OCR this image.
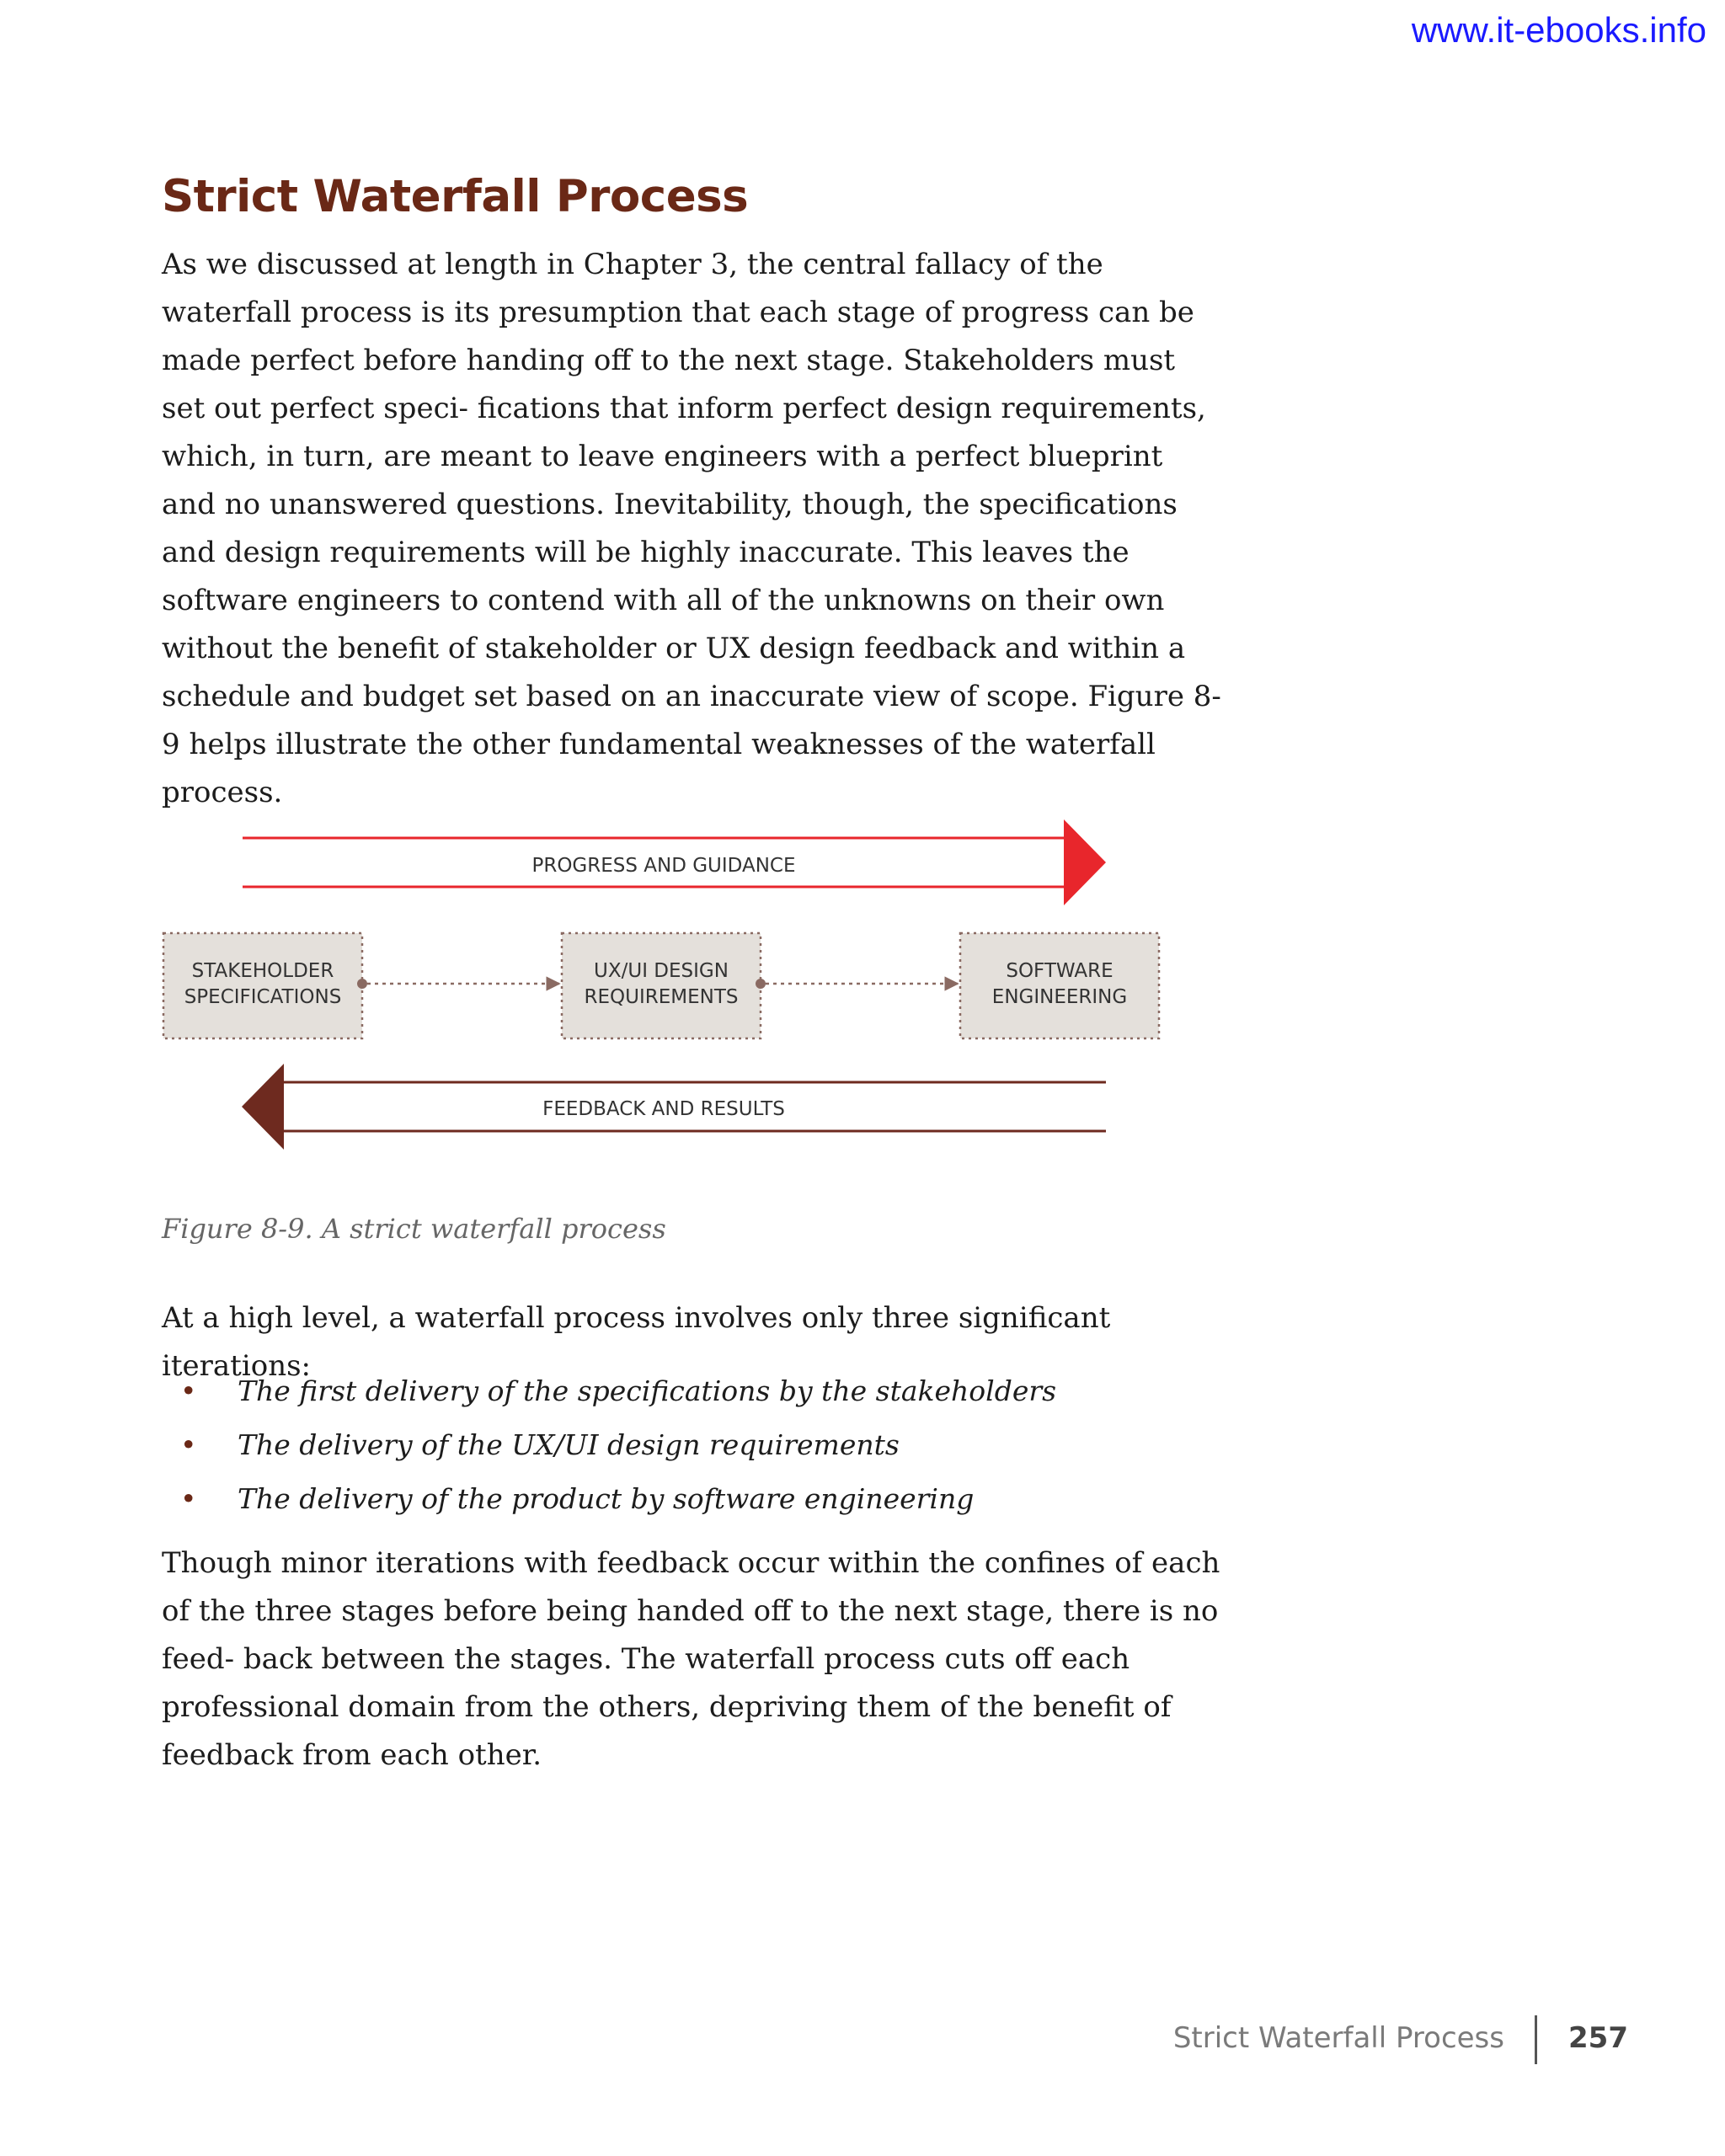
www.it-ebooks.info
Strict Waterfall Process

As we discussed at length in Chapter 3, the central fallacy of the waterfall process is its presumption that each stage of progress can be made perfect before handing off to the next stage. Stakeholders must set out perfect speci- fications that inform perfect design requirements, which, in turn, are meant to leave engineers with a perfect blueprint and no unanswered questions. Inevitability, though, the specifications and design requirements will be highly inaccurate. This leaves the software engineers to contend with all of the unknowns on their own without the benefit of stakeholder or UX design feedback and within a schedule and budget set based on an inaccurate view of scope. Figure 8-9 helps illustrate the other fundamental weaknesses of the waterfall process.

PROGRESS AND GUIDANCE
STAKEHOLDER
SPECIFICATIONS
UX/UI DESIGN
REQUIREMENTS
SOFTWARE
ENGINEERING
FEEDBACK AND RESULTS

Figure 8-9. A strict waterfall process

At a high level, a waterfall process involves only three significant iterations:

• The first delivery of the specifications by the stakeholders
• The delivery of the UX/UI design requirements
• The delivery of the product by software engineering

Though minor iterations with feedback occur within the confines of each of the three stages before being handed off to the next stage, there is no feed- back between the stages. The waterfall process cuts off each professional domain from the others, depriving them of the benefit of feedback from each other.

Strict Waterfall Process 257
